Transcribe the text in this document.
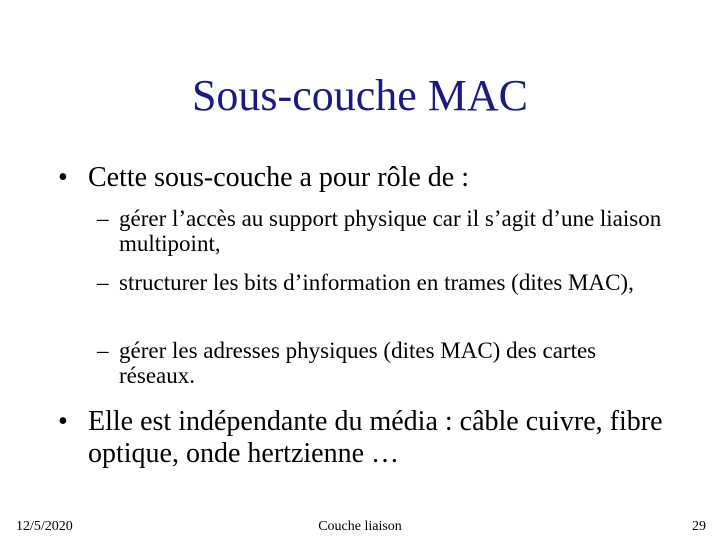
Sous-couche MAC
• Cette sous-couche a pour rôle de :
– gérer l’accès au support physique car il s’agit d’une liaison multipoint,
– structurer les bits d’information en trames (dites MAC),
– gérer les adresses physiques (dites MAC) des cartes réseaux.
• Elle est indépendante du média : câble cuivre, fibre optique, onde hertzienne …
12/5/2020	Couche liaison	29
